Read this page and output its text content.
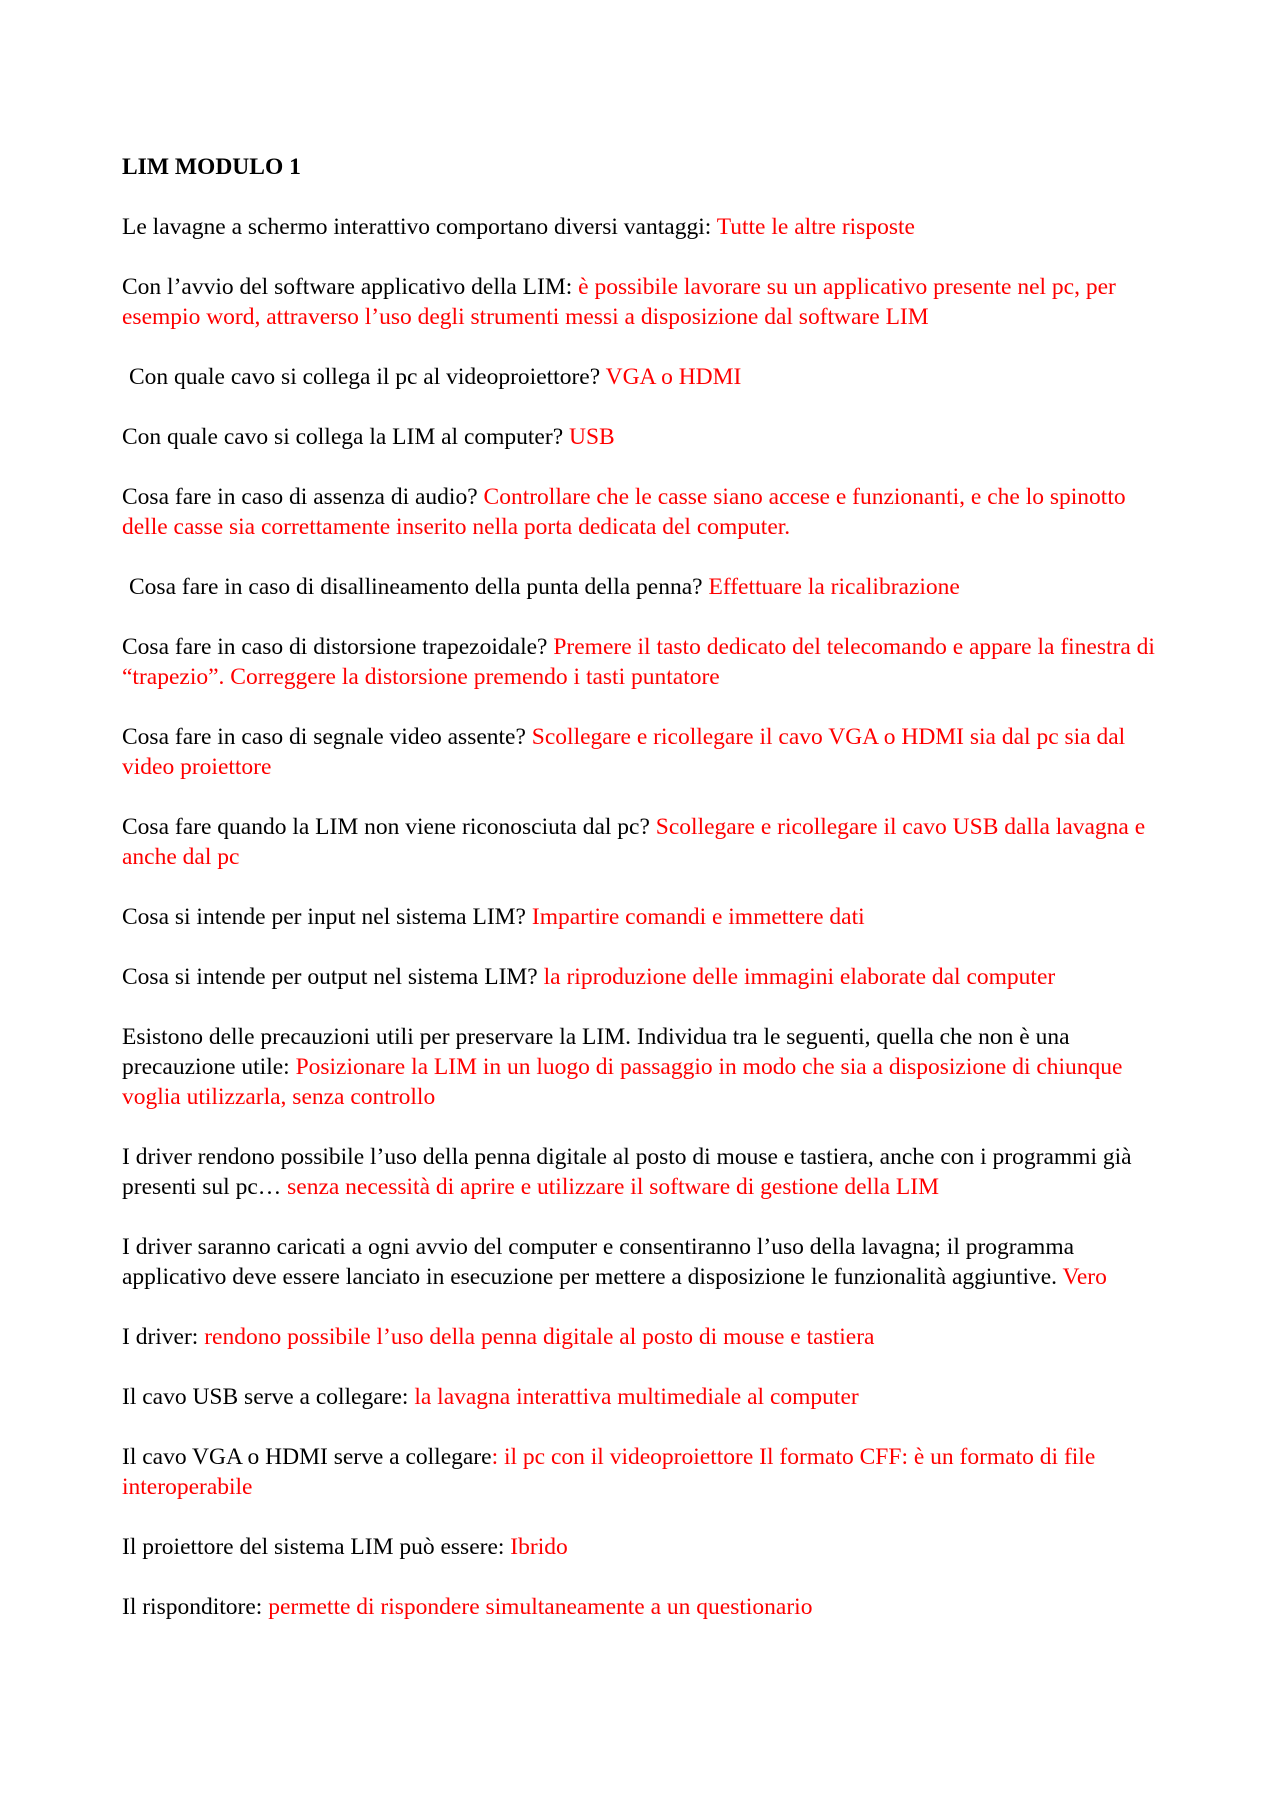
LIM MODULO 1

Le lavagne a schermo interattivo comportano diversi vantaggi: Tutte le altre risposte

Con l’avvio del software applicativo della LIM: è possibile lavorare su un applicativo presente nel pc, per esempio word, attraverso l’uso degli strumenti messi a disposizione dal software LIM

Con quale cavo si collega il pc al videoproiettore? VGA o HDMI

Con quale cavo si collega la LIM al computer? USB

Cosa fare in caso di assenza di audio? Controllare che le casse siano accese e funzionanti, e che lo spinotto delle casse sia correttamente inserito nella porta dedicata del computer.

Cosa fare in caso di disallineamento della punta della penna? Effettuare la ricalibrazione

Cosa fare in caso di distorsione trapezoidale? Premere il tasto dedicato del telecomando e appare la finestra di “trapezio”. Correggere la distorsione premendo i tasti puntatore

Cosa fare in caso di segnale video assente? Scollegare e ricollegare il cavo VGA o HDMI sia dal pc sia dal video proiettore

Cosa fare quando la LIM non viene riconosciuta dal pc? Scollegare e ricollegare il cavo USB dalla lavagna e anche dal pc

Cosa si intende per input nel sistema LIM? Impartire comandi e immettere dati

Cosa si intende per output nel sistema LIM? la riproduzione delle immagini elaborate dal computer

Esistono delle precauzioni utili per preservare la LIM. Individua tra le seguenti, quella che non è una precauzione utile: Posizionare la LIM in un luogo di passaggio in modo che sia a disposizione di chiunque voglia utilizzarla, senza controllo

I driver rendono possibile l’uso della penna digitale al posto di mouse e tastiera, anche con i programmi già presenti sul pc… senza necessità di aprire e utilizzare il software di gestione della LIM

I driver saranno caricati a ogni avvio del computer e consentiranno l’uso della lavagna; il programma applicativo deve essere lanciato in esecuzione per mettere a disposizione le funzionalità aggiuntive. Vero

I driver: rendono possibile l’uso della penna digitale al posto di mouse e tastiera

Il cavo USB serve a collegare: la lavagna interattiva multimediale al computer

Il cavo VGA o HDMI serve a collegare: il pc con il videoproiettore Il formato CFF: è un formato di file interoperabile

Il proiettore del sistema LIM può essere: Ibrido

Il risponditore: permette di rispondere simultaneamente a un questionario
